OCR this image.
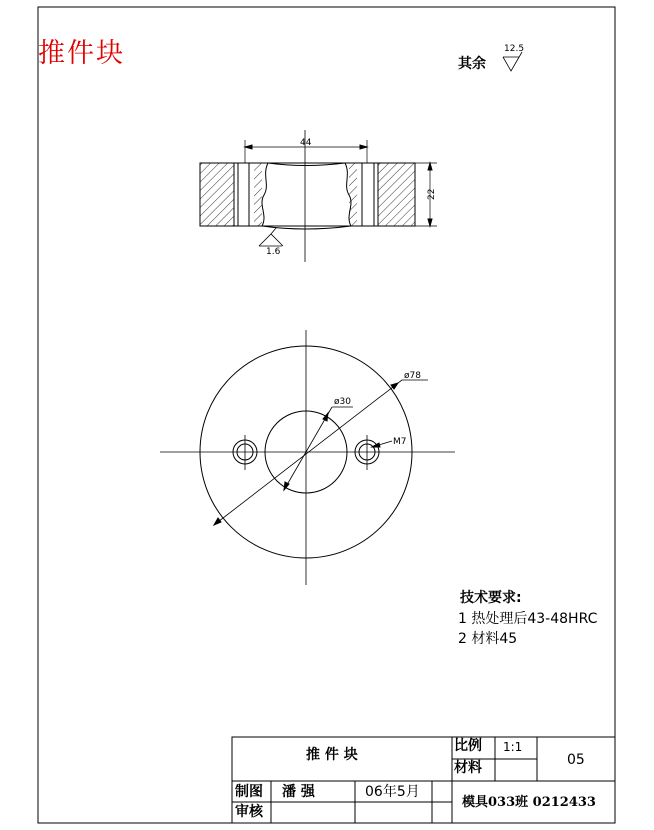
44
22
1.6
ø78
ø30
M7
推件块	其余
12.5
技术要求:
1 热处理后43-48HRC
2 材料45
推 件 块
比例 1:1
材料	05
制图 潘 强	06年5月
审核
模具033班 0212433
